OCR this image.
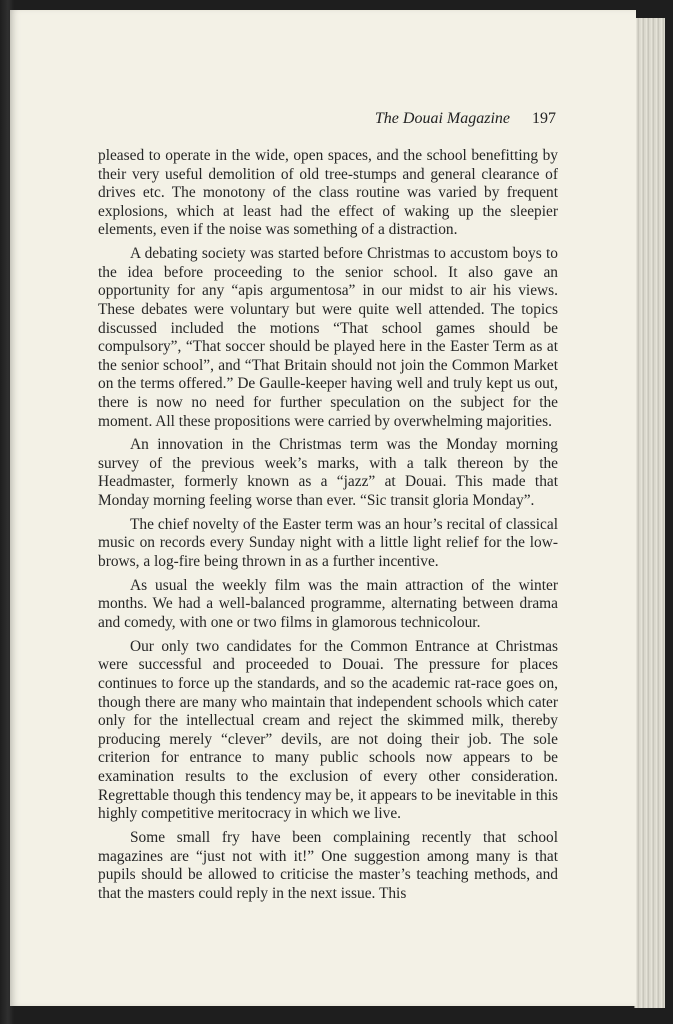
The Douai Magazine 197

pleased to operate in the wide, open spaces, and the school benefitting by their very useful demolition of old tree-stumps and general clearance of drives etc. The monotony of the class routine was varied by frequent explosions, which at least had the effect of waking up the sleepier elements, even if the noise was something of a distraction.

A debating society was started before Christmas to accustom boys to the idea before proceeding to the senior school. It also gave an opportunity for any “apis argumentosa” in our midst to air his views. These debates were voluntary but were quite well attended. The topics discussed included the motions “That school games should be compulsory”, “That soccer should be played here in the Easter Term as at the senior school”, and “That Britain should not join the Common Market on the terms offered.” De Gaulle-keeper having well and truly kept us out, there is now no need for further speculation on the subject for the moment. All these propositions were carried by overwhelming majorities.

An innovation in the Christmas term was the Monday morning survey of the previous week’s marks, with a talk thereon by the Headmaster, formerly known as a “jazz” at Douai. This made that Monday morning feeling worse than ever. “Sic transit gloria Monday”.

The chief novelty of the Easter term was an hour’s recital of classical music on records every Sunday night with a little light relief for the low-brows, a log-fire being thrown in as a further incentive.

As usual the weekly film was the main attraction of the winter months. We had a well-balanced programme, alternating between drama and comedy, with one or two films in glamorous technicolour.

Our only two candidates for the Common Entrance at Christmas were successful and proceeded to Douai. The pressure for places continues to force up the standards, and so the academic rat-race goes on, though there are many who maintain that independent schools which cater only for the intellectual cream and reject the skimmed milk, thereby producing merely “clever” devils, are not doing their job. The sole criterion for entrance to many public schools now appears to be examination results to the exclusion of every other consideration. Regrettable though this tendency may be, it appears to be inevitable in this highly competitive meritocracy in which we live.

Some small fry have been complaining recently that school magazines are “just not with it!” One suggestion among many is that pupils should be allowed to criticise the master’s teaching methods, and that the masters could reply in the next issue. This
